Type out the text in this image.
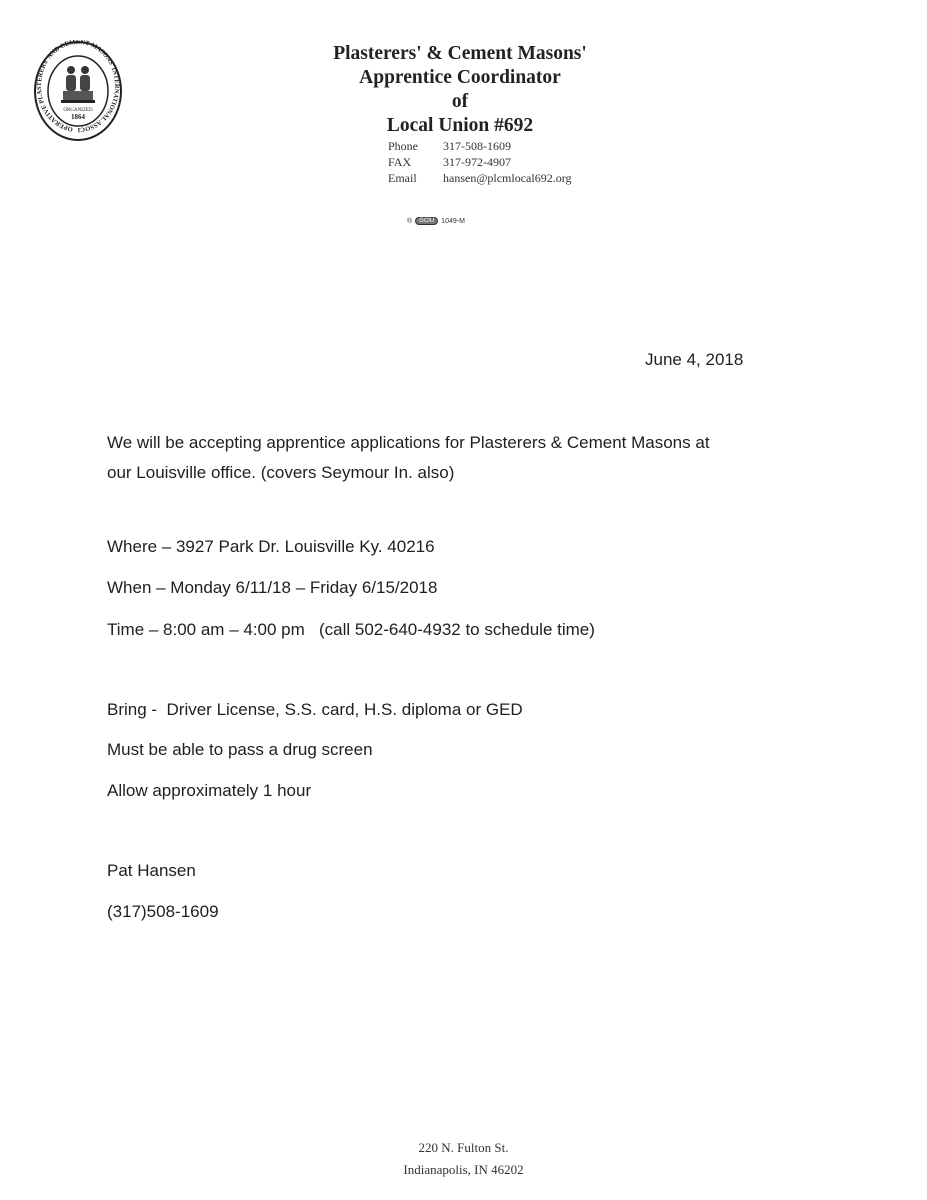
OPERATIVE PLASTERERS' AND CEMENT MASONS' INTERNATIONAL ASSOCI
ORGANIZED
1864
Plasterers' & Cement Masons'
Apprentice Coordinator
of
Local Union #692
Phone	317-508-1609
FAX	317-972-4907
Email	hansen@plcmlocal692.org
®	GCIU	1049-M
June 4, 2018
We will be accepting apprentice applications for Plasterers & Cement Masons at
our Louisville office. (covers Seymour In. also)
Where – 3927 Park Dr. Louisville Ky. 40216
When – Monday 6/11/18 – Friday 6/15/2018
Time – 8:00 am – 4:00 pm   (call 502-640-4932 to schedule time)
Bring -  Driver License, S.S. card, H.S. diploma or GED
Must be able to pass a drug screen
Allow approximately 1 hour
Pat Hansen
(317)508-1609
220 N. Fulton St.
Indianapolis, IN 46202
